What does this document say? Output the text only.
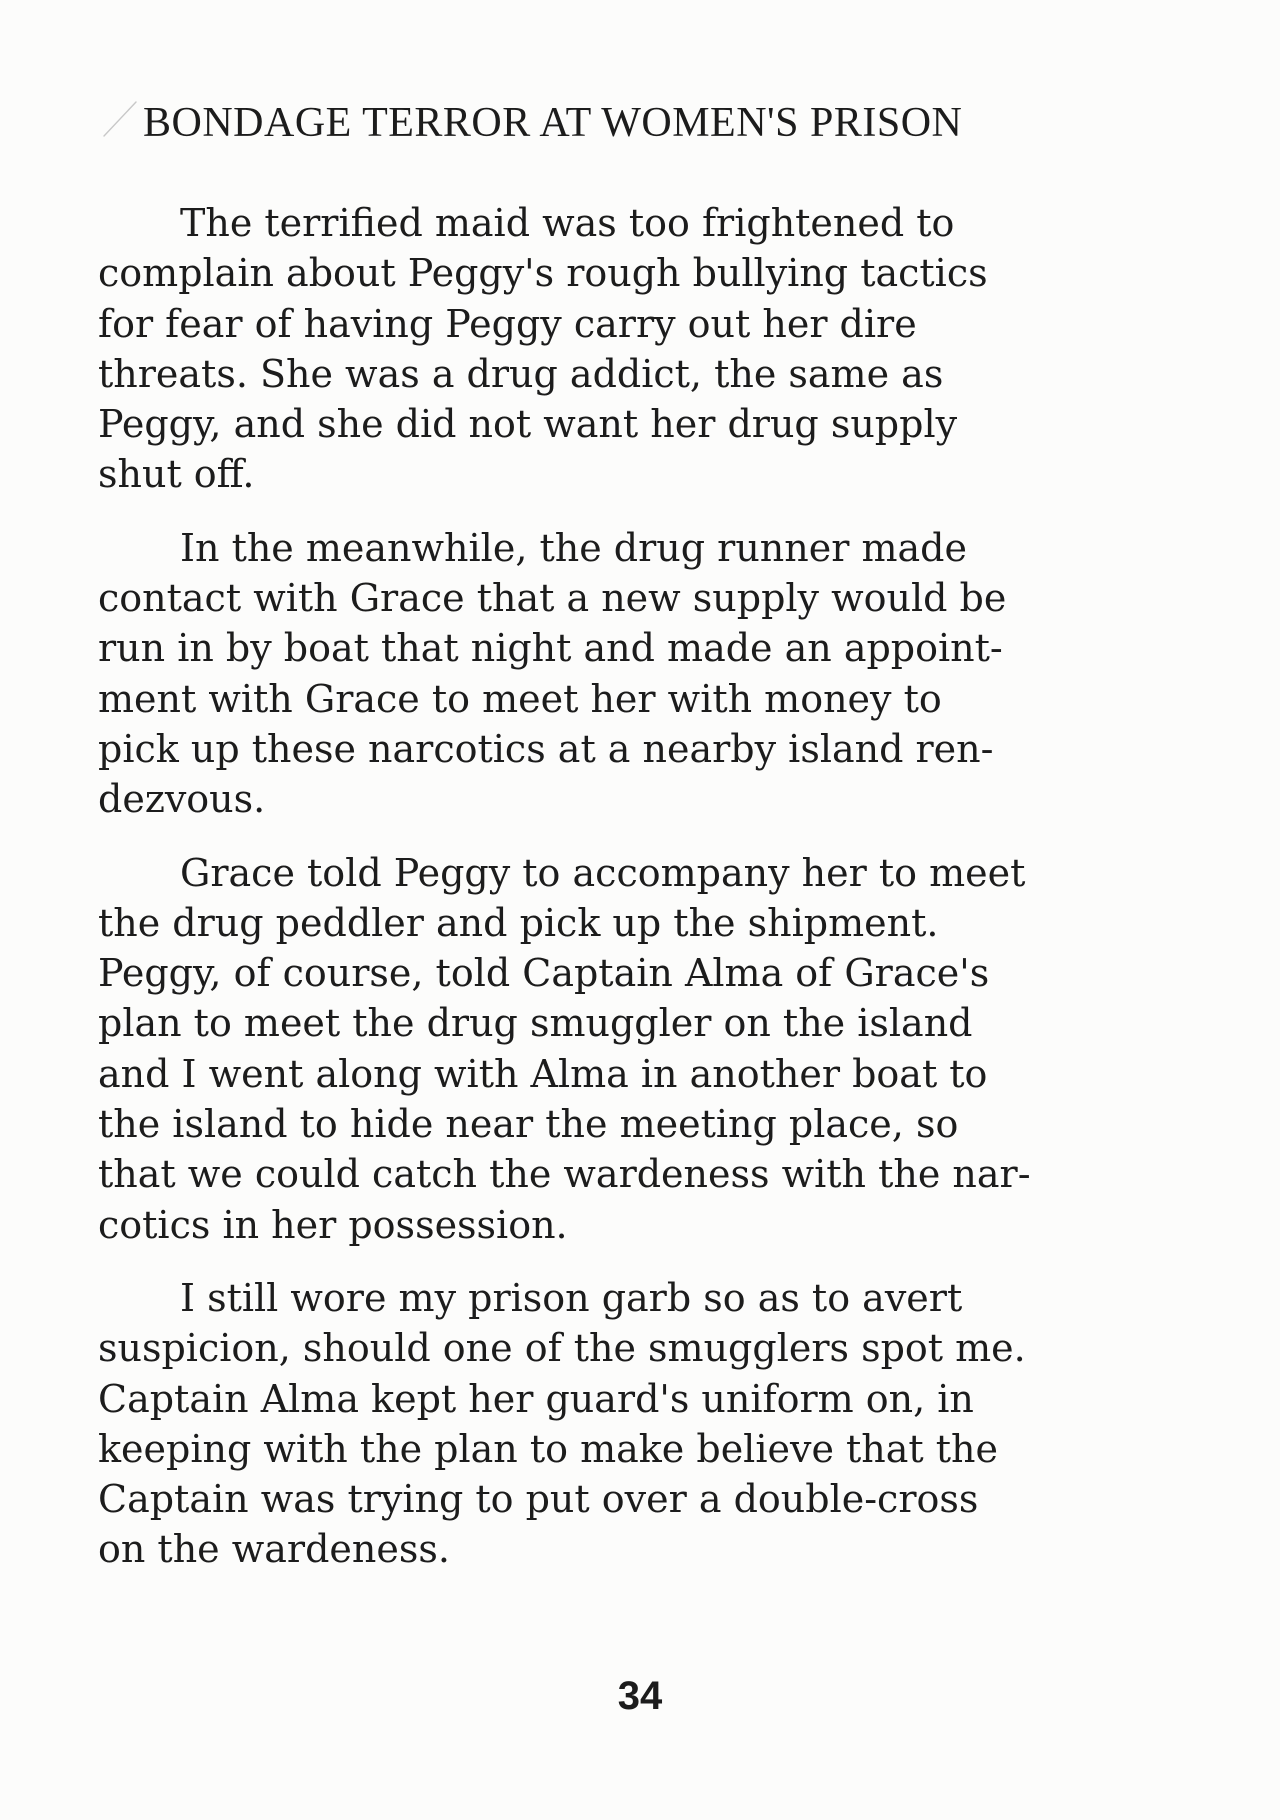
BONDAGE TERROR AT WOMEN'S PRISON

The terrified maid was too frightened to
complain about Peggy's rough bullying tactics
for fear of having Peggy carry out her dire
threats. She was a drug addict, the same as
Peggy, and she did not want her drug supply
shut off.

In the meanwhile, the drug runner made
contact with Grace that a new supply would be
run in by boat that night and made an appoint-
ment with Grace to meet her with money to
pick up these narcotics at a nearby island ren-
dezvous.

Grace told Peggy to accompany her to meet
the drug peddler and pick up the shipment.
Peggy, of course, told Captain Alma of Grace's
plan to meet the drug smuggler on the island
and I went along with Alma in another boat to
the island to hide near the meeting place, so
that we could catch the wardeness with the nar-
cotics in her possession.

I still wore my prison garb so as to avert
suspicion, should one of the smugglers spot me.
Captain Alma kept her guard's uniform on, in
keeping with the plan to make believe that the
Captain was trying to put over a double-cross
on the wardeness.

34
